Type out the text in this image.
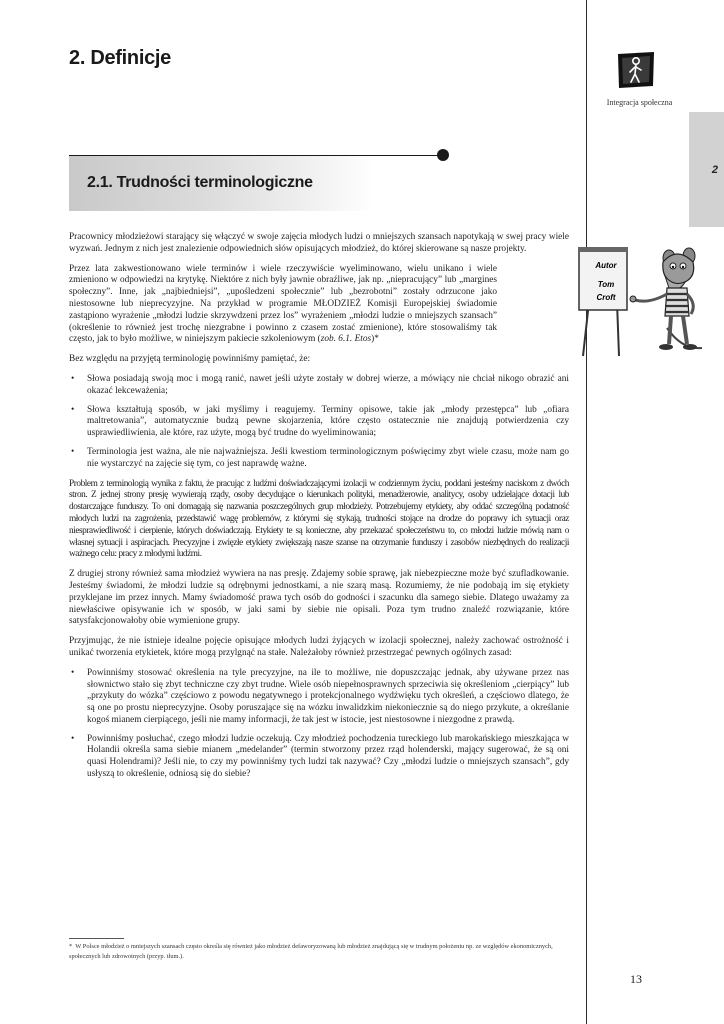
2. Definicje
Integracja społeczna
2
2.1. Trudności terminologiczne
Autor
Tom
Croft

Pracownicy młodzieżowi starający się włączyć w swoje zajęcia młodych ludzi o mniejszych szansach napotykają w swej pracy wiele wyzwań. Jednym z nich jest znalezienie odpowiednich słów opisujących młodzież, do której skierowane są nasze projekty.

Przez lata zakwestionowano wiele terminów i wiele rzeczywiście wyeliminowano, wielu unikano i wiele zmieniono w odpowiedzi na krytykę. Niektóre z nich były jawnie obraźliwe, jak np. „niepracujący” lub „margines społeczny”. Inne, jak „najbiedniejsi”, „upośledzeni społecznie” lub „bezrobotni” zostały odrzucone jako niestosowne lub nieprecyzyjne. Na przykład w programie MŁODZIEŻ Komisji Europejskiej świadomie zastąpiono wyrażenie „młodzi ludzie skrzywdzeni przez los” wyrażeniem „młodzi ludzie o mniejszych szansach” (określenie to również jest trochę niezgrabne i powinno z czasem zostać zmienione), które stosowaliśmy tak często, jak to było możliwe, w niniejszym pakiecie szkoleniowym (zob. 6.1. Etos)*

Bez względu na przyjętą terminologię powinniśmy pamiętać, że:

• Słowa posiadają swoją moc i mogą ranić, nawet jeśli użyte zostały w dobrej wierze, a mówiący nie chciał nikogo obrazić ani okazać lekceważenia;
• Słowa kształtują sposób, w jaki myślimy i reagujemy. Terminy opisowe, takie jak „młody przestępca” lub „ofiara maltretowania”, automatycznie budzą pewne skojarzenia, które często ostatecznie nie znajdują potwierdzenia czy usprawiedliwienia, ale które, raz użyte, mogą być trudne do wyeliminowania;
• Terminologia jest ważna, ale nie najważniejsza. Jeśli kwestiom terminologicznym poświęcimy zbyt wiele czasu, może nam go nie wystarczyć na zajęcie się tym, co jest naprawdę ważne.

Problem z terminologią wynika z faktu, że pracując z ludźmi doświadczającymi izolacji w codziennym życiu, poddani jesteśmy naciskom z dwóch stron. Z jednej strony presję wywierają rządy, osoby decydujące o kierunkach polityki, menadżerowie, analitycy, osoby udzielające dotacji lub dostarczające funduszy. To oni domagają się nazwania poszczególnych grup młodzieży. Potrzebujemy etykiety, aby oddać szczególną podatność młodych ludzi na zagrożenia, przedstawić wagę problemów, z którymi się stykają, trudności stojące na drodze do poprawy ich sytuacji oraz niesprawiedliwość i cierpienie, których doświadczają. Etykiety te są konieczne, aby przekazać społeczeństwu to, co młodzi ludzie mówią nam o własnej sytuacji i aspiracjach. Precyzyjne i zwięzłe etykiety zwiększają nasze szanse na otrzymanie funduszy i zasobów niezbędnych do realizacji ważnego celu: pracy z młodymi ludźmi.

Z drugiej strony również sama młodzież wywiera na nas presję. Zdajemy sobie sprawę, jak niebezpieczne może być szufladkowanie. Jesteśmy świadomi, że młodzi ludzie są odrębnymi jednostkami, a nie szarą masą. Rozumiemy, że nie podobają im się etykiety przyklejane im przez innych. Mamy świadomość prawa tych osób do godności i szacunku dla samego siebie. Dlatego uważamy za niewłaściwe opisywanie ich w sposób, w jaki sami by siebie nie opisali. Poza tym trudno znaleźć rozwiązanie, które satysfakcjonowałoby obie wymienione grupy.

Przyjmując, że nie istnieje idealne pojęcie opisujące młodych ludzi żyjących w izolacji społecznej, należy zachować ostrożność i unikać tworzenia etykietek, które mogą przylgnąć na stałe. Należałoby również przestrzegać pewnych ogólnych zasad:

• Powinniśmy stosować określenia na tyle precyzyjne, na ile to możliwe, nie dopuszczając jednak, aby używane przez nas słownictwo stało się zbyt techniczne czy zbyt trudne. Wiele osób niepełnosprawnych sprzeciwia się określeniom „cierpiący” lub „przykuty do wózka” częściowo z powodu negatywnego i protekcjonalnego wydźwięku tych określeń, a częściowo dlatego, że są one po prostu nieprecyzyjne. Osoby poruszające się na wózku inwalidzkim niekoniecznie są do niego przykute, a określanie kogoś mianem cierpiącego, jeśli nie mamy informacji, że tak jest w istocie, jest niestosowne i niezgodne z prawdą.
• Powinniśmy posłuchać, czego młodzi ludzie oczekują. Czy młodzież pochodzenia tureckiego lub marokańskiego mieszkająca w Holandii określa sama siebie mianem „medelander” (termin stworzony przez rząd holenderski, mający sugerować, że są oni quasi Holendrami)? Jeśli nie, to czy my powinniśmy tych ludzi tak nazywać? Czy „młodzi ludzie o mniejszych szansach”, gdy usłyszą to określenie, odniosą się do siebie?
* W Polsce młodzież o mniejszych szansach często określa się również jako młodzież defaworyzowaną lub młodzież znajdującą się w trudnym położeniu np. ze względów ekonomicznych, społecznych lub zdrowotnych (przyp. tłum.).
13
